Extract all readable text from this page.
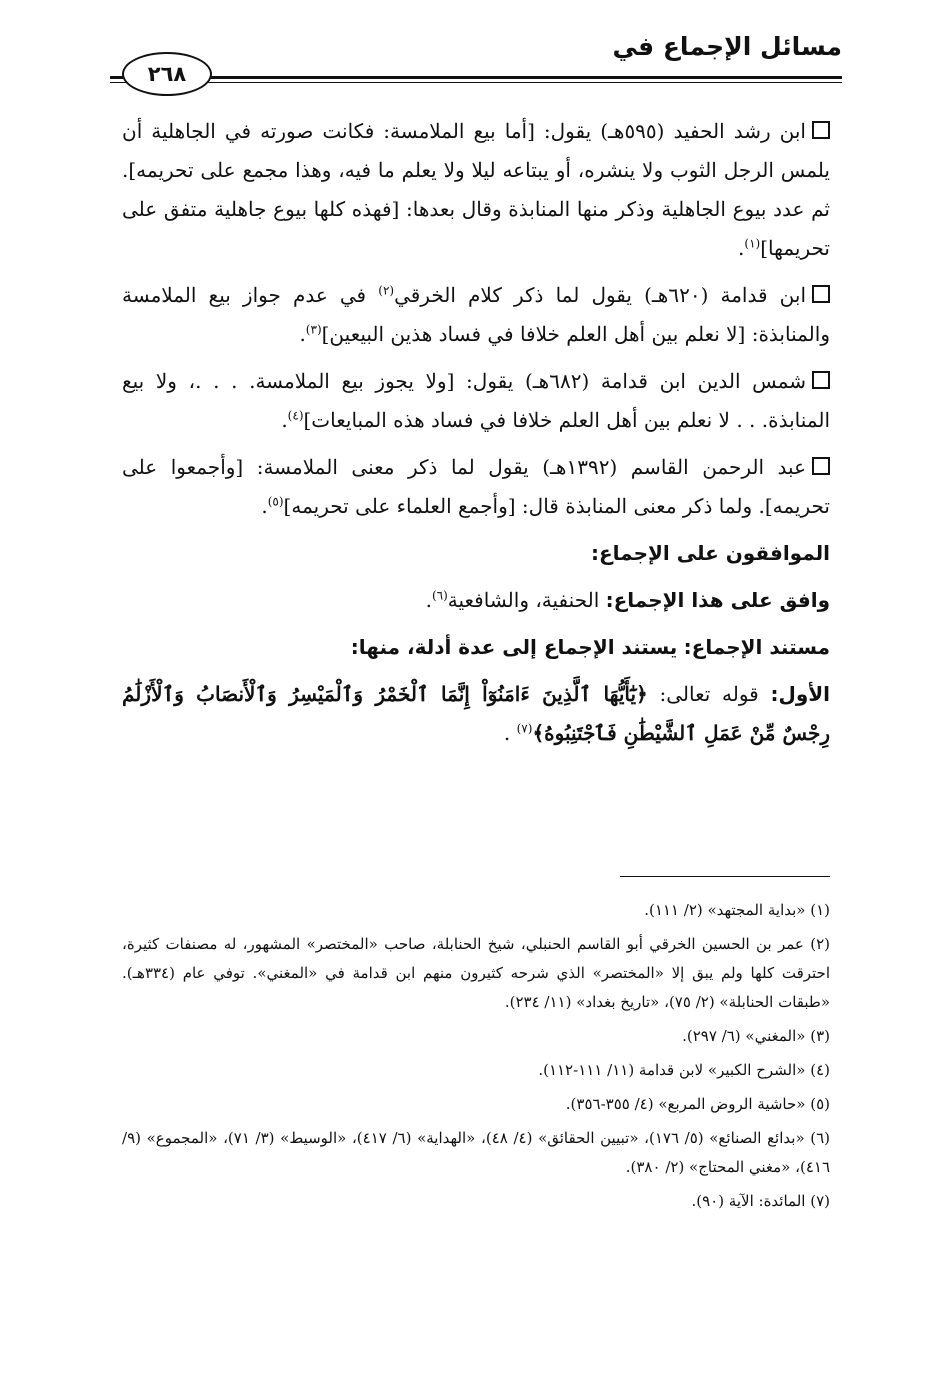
مسائل الإجماع في
٢٦٨

ابن رشد الحفيد (٥٩٥هـ) يقول: [أما بيع الملامسة: فكانت صورته في الجاهلية أن يلمس الرجل الثوب ولا ينشره، أو يبتاعه ليلا ولا يعلم ما فيه، وهذا مجمع على تحريمه]. ثم عدد بيوع الجاهلية وذكر منها المنابذة وقال بعدها: [فهذه كلها بيوع جاهلية متفق على تحريمها]$^{(١)}$.

ابن قدامة (٦٢٠هـ) يقول لما ذكر كلام الخرقي$^{(٢)}$ في عدم جواز بيع الملامسة والمنابذة: [لا نعلم بين أهل العلم خلافا في فساد هذين البيعين]$^{(٣)}$.

شمس الدين ابن قدامة (٦٨٢هـ) يقول: [ولا يجوز بيع الملامسة. . . .، ولا بيع المنابذة. . . لا نعلم بين أهل العلم خلافا في فساد هذه المبايعات]$^{(٤)}$.

عبد الرحمن القاسم (١٣٩٢هـ) يقول لما ذكر معنى الملامسة: [وأجمعوا على تحريمه]. ولما ذكر معنى المنابذة قال: [وأجمع العلماء على تحريمه]$^{(٥)}$.

الموافقون على الإجماع:

وافق على هذا الإجماع: الحنفية، والشافعية$^{(٦)}$.

مستند الإجماع: يستند الإجماع إلى عدة أدلة، منها:

الأول: قوله تعالى: ﴿يَٰٓأَيُّهَا ٱلَّذِينَ ءَامَنُوٓاْ إِنَّمَا ٱلْخَمْرُ وَٱلْمَيْسِرُ وَٱلْأَنصَابُ وَٱلْأَزْلَٰمُ رِجْسٌ مِّنْ عَمَلِ ٱلشَّيْطَٰنِ فَٱجْتَنِبُوهُ﴾$^{(٧)}$ .

(١) «بداية المجتهد» (٢/ ١١١).

(٢) عمر بن الحسين الخرقي أبو القاسم الحنبلي، شيخ الحنابلة، صاحب «المختصر» المشهور، له مصنفات كثيرة، احترقت كلها ولم يبق إلا «المختصر» الذي شرحه كثيرون منهم ابن قدامة في «المغني». توفي عام (٣٣٤هـ). «طبقات الحنابلة» (٢/ ٧٥)، «تاريخ بغداد» (١١/ ٢٣٤).

(٣) «المغني» (٦/ ٢٩٧).

(٤) «الشرح الكبير» لابن قدامة (١١/ ١١١-١١٢).

(٥) «حاشية الروض المربع» (٤/ ٣٥٥-٣٥٦).

(٦) «بدائع الصنائع» (٥/ ١٧٦)، «تبيين الحقائق» (٤/ ٤٨)، «الهداية» (٦/ ٤١٧)، «الوسيط» (٣/ ٧١)، «المجموع» (٩/ ٤١٦)، «مغني المحتاج» (٢/ ٣٨٠).

(٧) المائدة: الآية (٩٠).
